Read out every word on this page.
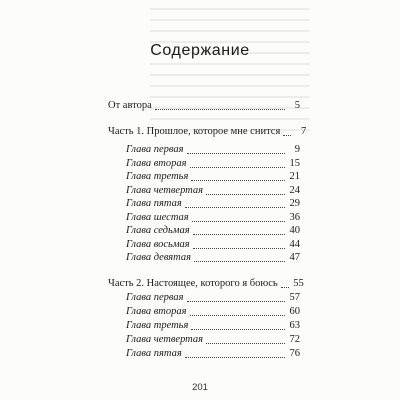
Содержание
От автора	5
Часть 1. Прошлое, которое мне снится	7
Глава первая	9
Глава вторая	15
Глава третья	21
Глава четвертая	24
Глава пятая	29
Глава шестая	36
Глава седьмая	40
Глава восьмая	44
Глава девятая	47
Часть 2. Настоящее, которого я боюсь 55
Глава первая	57
Глава вторая	60
Глава третья	63
Глава четвертая	72
Глава пятая	76
201
